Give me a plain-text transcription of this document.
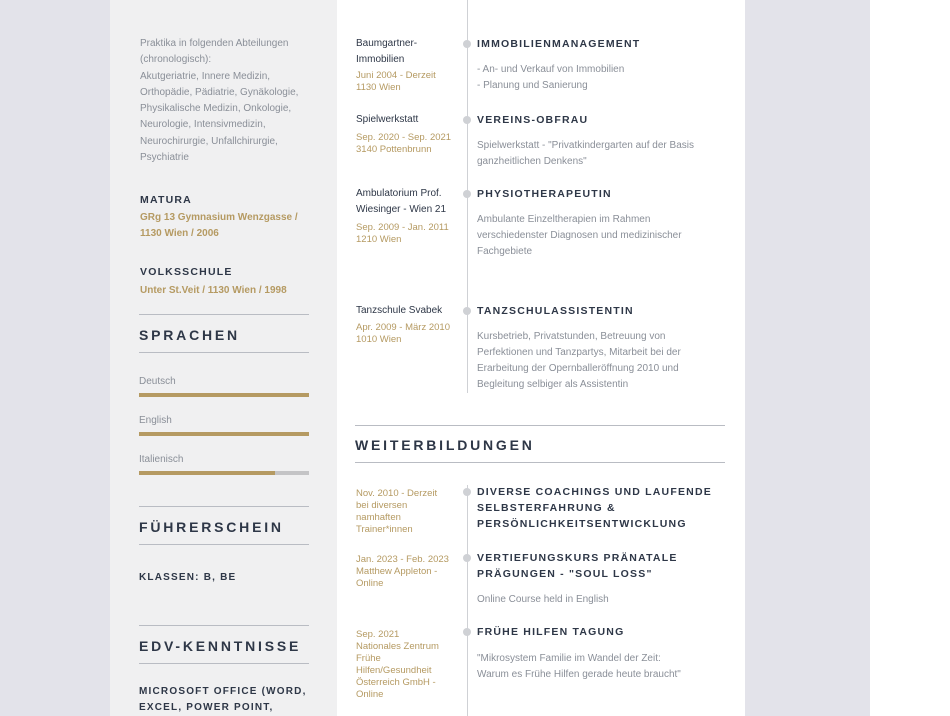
Praktika in folgenden Abteilungen
(chronologisch):
Akutgeriatrie, Innere Medizin,
Orthopädie, Pädiatrie, Gynäkologie,
Physikalische Medizin, Onkologie,
Neurologie, Intensivmedizin,
Neurochirurgie, Unfallchirurgie,
Psychiatrie
MATURA
GRg 13 Gymnasium Wenzgasse /
1130 Wien / 2006
VOLKSSCHULE
Unter St.Veit / 1130 Wien / 1998
SPRACHEN
Deutsch
English
Italienisch
FÜHRERSCHEIN
KLASSEN: B, BE
EDV-KENNTNISSE
MICROSOFT OFFICE (WORD,
EXCEL, POWER POINT,
Baumgartner-
Immobilien
Juni 2004 - Derzeit
1130 Wien
IMMOBILIENMANAGEMENT
- An- und Verkauf von Immobilien
- Planung und Sanierung
Spielwerkstatt
Sep. 2020 - Sep. 2021
3140 Pottenbrunn
VEREINS-OBFRAU
Spielwerkstatt - "Privatkindergarten auf der Basis
ganzheitlichen Denkens"
Ambulatorium Prof.
Wiesinger - Wien 21
Sep. 2009 - Jan. 2011
1210 Wien
PHYSIOTHERAPEUTIN
Ambulante Einzeltherapien im Rahmen
verschiedenster Diagnosen und medizinischer
Fachgebiete
Tanzschule Svabek
Apr. 2009 - März 2010
1010 Wien
TANZSCHULASSISTENTIN
Kursbetrieb, Privatstunden, Betreuung von
Perfektionen und Tanzpartys, Mitarbeit bei der
Erarbeitung der Opernballeröffnung 2010 und
Begleitung selbiger als Assistentin
WEITERBILDUNGEN
Nov. 2010 - Derzeit
bei diversen
namhaften
Trainer*innen
DIVERSE COACHINGS UND LAUFENDE
SELBSTERFAHRUNG &
PERSÖNLICHKEITSENTWICKLUNG
Jan. 2023 - Feb. 2023
Matthew Appleton -
Online
VERTIEFUNGSKURS PRÄNATALE
PRÄGUNGEN - "SOUL LOSS"
Online Course held in English
Sep. 2021
Nationales Zentrum
Frühe
Hilfen/Gesundheit
Österreich GmbH -
Online
FRÜHE HILFEN TAGUNG
"Mikrosystem Familie im Wandel der Zeit:
Warum es Frühe Hilfen gerade heute braucht"
